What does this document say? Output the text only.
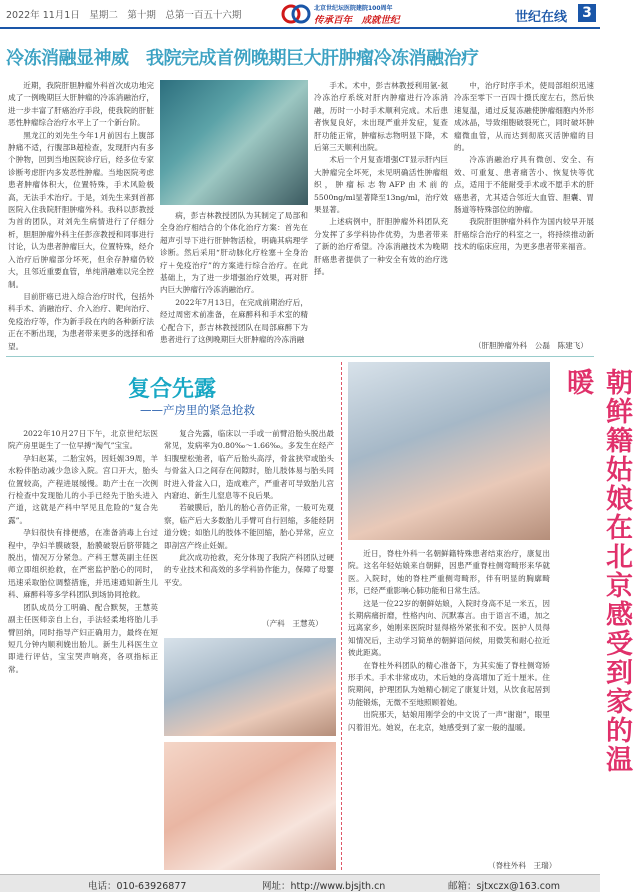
2022年 11月1日　星期二　第十期　总第一百五十六期
北京世纪坛医院建院100周年
传承百年　成就世纪	世纪在线 3
冷冻消融显神威　我院完成首例晚期巨大肝肿瘤冷冻消融治疗

近期，我院肝胆肿瘤外科首次成功地完成了一例晚期巨大肝肿瘤的冷冻消融治疗，进一步丰富了肝癌治疗手段，使我院的肝脏恶性肿瘤综合治疗水平上了一个新台阶。

黑龙江的刘先生今年1月前因右上腹部肿痛不适，行腹部B超检查，发现肝内有多个肿物，回到当地医院诊疗后，经多位专家诊断考虑肝内多发恶性肿瘤。当地医院考虑患者肿瘤体积大，位置特殊，手术风险极高，无法手术治疗。于是，刘先生来到首都医院入住我院肝胆肿瘤外科。我科以彭教授为首的团队，对刘先生病情进行了仔细分析，胆胆肿瘤外科主任彭彦教授和同事进行讨论，认为患者肿瘤巨大，位置特殊，经介入治疗后肿瘤部分坏死，但余存肿瘤仍较大，且邻近重要血管，单纯消融难以完全控制。

目前肝癌已进入综合治疗时代，包括外科手术、消融治疗、介入治疗、靶向治疗、免疫治疗等，作为新手段在内的各种新疗法正在不断出现，为患者带来更多的选择和希望。

病，彭吉林教授团队为其制定了局部和全身治疗相结合的个体化治疗方案：首先在超声引导下进行肝肿物活检，明确其病理学诊断。然后采用“肝动脉化疗栓塞＋全身治疗＋免疫治疗”的方案进行综合治疗。在此基础上，为了进一步增强治疗效果，再对肝内巨大肿瘤行冷冻消融治疗。

2022年7月13日，在完成前期治疗后，经过周密术前准备，在麻醉科和手术室的精心配合下，彭吉林教授团队在局部麻醉下为患者进行了这例晚期巨大肝肿瘤的冷冻消融

手术。术中，彭吉林教授利用氩-氦冷冻治疗系统对肝内肿瘤进行冷冻消融，历时一小时手术顺利完成。术后患者恢复良好，未出现严重并发症，复查肝功能正常，肿瘤标志物明显下降，术后第三天顺利出院。

术后一个月复查增强CT显示肝内巨大肿瘤完全坏死，未见明确活性肿瘤组织，肿瘤标志物AFP由术前的5500ng/ml显著降至13ng/ml，治疗效果显著。

上述病例中，肝胆肿瘤外科团队充分发挥了多学科协作优势，为患者带来了新的治疗希望。冷冻消融技术为晚期肝癌患者提供了一种安全有效的治疗选择。

中，治疗时序手术，使局部组织迅速冷冻至零下一百四十摄氏度左右，然后快速复温，通过反复冻融使肿瘤细胞内外形成冰晶，导致细胞破裂死亡，同时破坏肿瘤微血管，从而达到彻底灭活肿瘤的目的。

冷冻消融治疗具有微创、安全、有效、可重复、患者痛苦小、恢复快等优点，适用于不能耐受手术或不愿手术的肝癌患者，尤其适合邻近大血管、胆囊、胃肠道等特殊部位的肿瘤。

我院肝胆肿瘤外科作为国内较早开展肝癌综合治疗的科室之一，将持续推动新技术的临床应用，为更多患者带来福音。

（肝胆肿瘤外科　公磊　陈建飞）
复合先露
——产房里的紧急抢救

2022年10月27日下午，北京世纪坛医院产房里诞生了一位早搏“淘气”宝宝。

孕妇赵某，二胎宝妈，因妊娠39周，羊水粉伴胎动减少急诊入院。宫口开大，胎头位置较高，产程进展缓慢。助产士在一次例行检查中发现胎儿的小手已经先于胎头进入产道，这就是产科中罕见且危险的“复合先露”。

孕妇很快有排便感，在准备消毒上台过程中，孕妇羊膜破裂，胎膜破裂后脐带随之脱出，情况万分紧急。产科王慧英副主任医师立即组织抢救，在严密监护胎心的同时，迅速采取胎位调整措施，并迅速通知新生儿科、麻醉科等多学科团队到场协同抢救。

团队成员分工明确、配合默契，王慧英副主任医师亲自上台，手法轻柔地将胎儿手臂回纳，同时指导产妇正确用力，最终在短短几分钟内顺利娩出胎儿。新生儿科医生立即进行评估，宝宝哭声响亮，各项指标正常。

复合先露，临床以一手或一前臂沿胎头脱出最常见，发病率为0.80‰～1.66‰。多发生在经产妇腹壁松弛者，临产后胎头高浮，骨盆狭窄或胎头与骨盆入口之间存在间隙时，胎儿肢体易与胎头同时进入骨盆入口，造成难产，严重者可导致胎儿宫内窘迫、新生儿窒息等不良后果。

若破膜后，胎儿的胎心音仍正常，一般可先观察，临产后大多数胎儿手臂可自行回缩，多能经阴道分娩；如胎儿的肢体不能回缩，胎心异常，应立即剖宫产终止妊娠。

此次成功抢救，充分体现了我院产科团队过硬的专业技术和高效的多学科协作能力，保障了母婴平安。

（产科　王慧英）	朝鲜籍姑娘在北京感受到家的温暖

近日，脊柱外科一名朝鲜籍特殊患者结束治疗，康复出院。这名年轻姑娘来自朝鲜，因患严重脊柱侧弯畸形来华就医。入院时，她的脊柱严重侧弯畸形，伴有明显的胸廓畸形，已经严重影响心肺功能和日常生活。

这是一位22岁的朝鲜姑娘，入院时身高不足一米五，因长期病痛折磨，性格内向、沉默寡言。由于语言不通，加之远离家乡，她刚来医院时显得格外紧张和不安。医护人员得知情况后，主动学习简单的朝鲜语问候，用微笑和耐心拉近彼此距离。

在脊柱外科团队的精心准备下，为其实施了脊柱侧弯矫形手术。手术非常成功，术后她的身高增加了近十厘米。住院期间，护理团队为她精心制定了康复计划，从饮食起居到功能锻炼，无微不至地照顾着她。

出院那天，姑娘用刚学会的中文说了一声“谢谢”，眼里闪着泪光。她说，在北京，她感受到了家一般的温暖。

（脊柱外科　王瑞）
电话：010-63926877	网址：http://www.bjsjth.cn	邮箱：sjtxczx@163.com
